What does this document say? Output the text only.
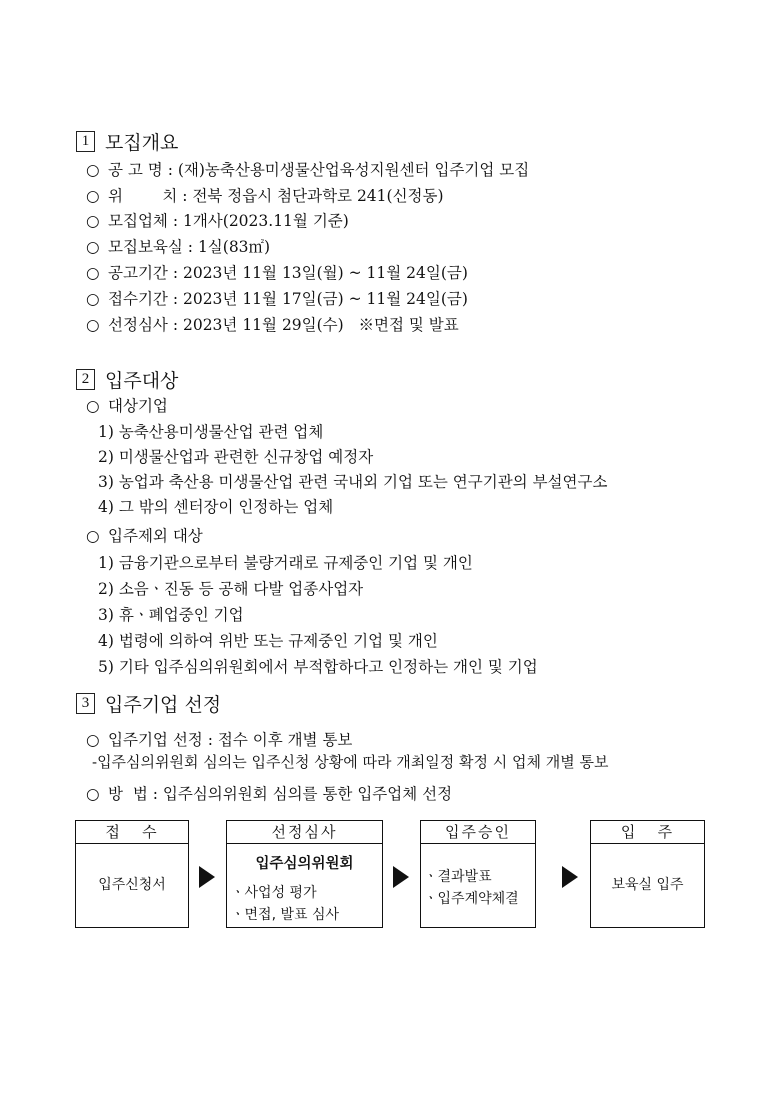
1 모집개요
○ 공 고 명 : (재)농축산용미생물산업육성지원센터 입주기업 모집
○ 위        치 : 전북 정읍시 첨단과학로 241(신정동)
○ 모집업체 : 1개사(2023.11월 기준)
○ 모집보육실 : 1실(83㎡)
○ 공고기간 : 2023년 11월 13일(월) ~ 11월 24일(금)
○ 접수기간 : 2023년 11월 17일(금) ~ 11월 24일(금)
○ 선정심사 : 2023년 11월 29일(수)   ※면접 및 발표
2 입주대상
○ 대상기업
1) 농축산용미생물산업 관련 업체
2) 미생물산업과 관련한 신규창업 예정자
3) 농업과 축산용 미생물산업 관련 국내외 기업 또는 연구기관의 부설연구소
4) 그 밖의 센터장이 인정하는 업체
○ 입주제외 대상
1) 금융기관으로부터 불량거래로 규제중인 기업 및 개인
2) 소음ㆍ진동 등 공해 다발 업종사업자
3) 휴ㆍ폐업중인 기업
4) 법령에 의하여 위반 또는 규제중인 기업 및 개인
5) 기타 입주심의위원회에서 부적합하다고 인정하는 개인 및 기업
3 입주기업 선정
○ 입주기업 선정 : 접수 이후 개별 통보
-입주심의위원회 심의는 입주신청 상황에 따라 개최일정 확정 시 업체 개별 통보
○ 방  법 : 입주심의위원회 심의를 통한 입주업체 선정
접   수
입주신청서
선정심사
입주심의위원회
ㆍ사업성 평가
ㆍ면접, 발표 심사
입주승인
ㆍ결과발표
ㆍ입주계약체결
입   주
보육실 입주
